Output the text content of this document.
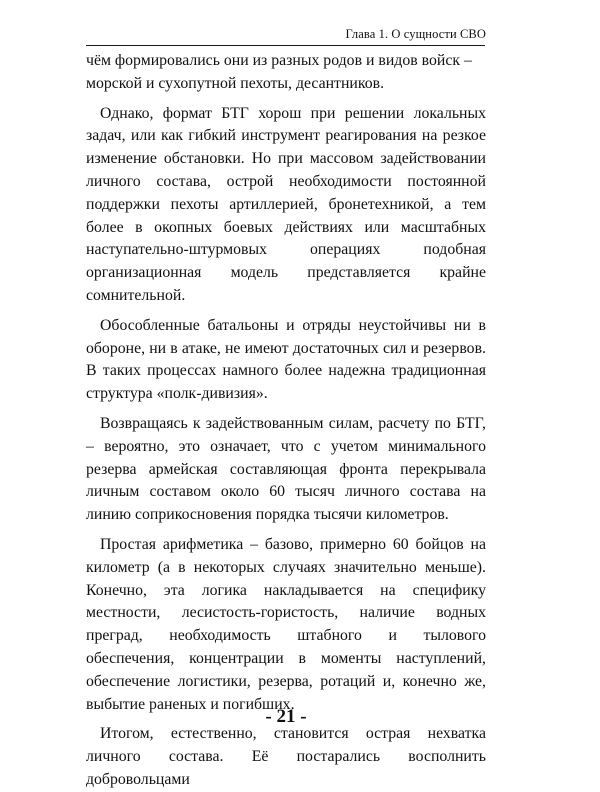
Глава 1. О сущности СВО

чём формировались они из разных родов и видов войск – морской и сухопутной пехоты, десантников.

Однако, формат БТГ хорош при решении локальных задач, или как гибкий инструмент реагирования на резкое изменение обстановки. Но при массовом задействовании личного состава, острой необходимости постоянной поддержки пехоты артиллерией, бронетехникой, а тем более в окопных боевых действиях или масштабных наступательно-штурмовых операциях подобная организационная модель представляется крайне сомнительной.

Обособленные батальоны и отряды неустойчивы ни в обороне, ни в атаке, не имеют достаточных сил и резервов. В таких процессах намного более надежна традиционная структура «полк-дивизия».

Возвращаясь к задействованным силам, расчету по БТГ, – вероятно, это означает, что с учетом минимального резерва армейская составляющая фронта перекрывала личным составом около 60 тысяч личного состава на линию соприкосновения порядка тысячи километров.

Простая арифметика – базово, примерно 60 бойцов на километр (а в некоторых случаях значительно меньше). Конечно, эта логика накладывается на специфику местности, лесистость-гористость, наличие водных преград, необходимость штабного и тылового обеспечения, концентрации в моменты наступлений, обеспечение логистики, резерва, ротаций и, конечно же, выбытие раненых и погибших.

Итогом, естественно, становится острая нехватка личного состава. Её постарались восполнить добровольцами

- 21 -
